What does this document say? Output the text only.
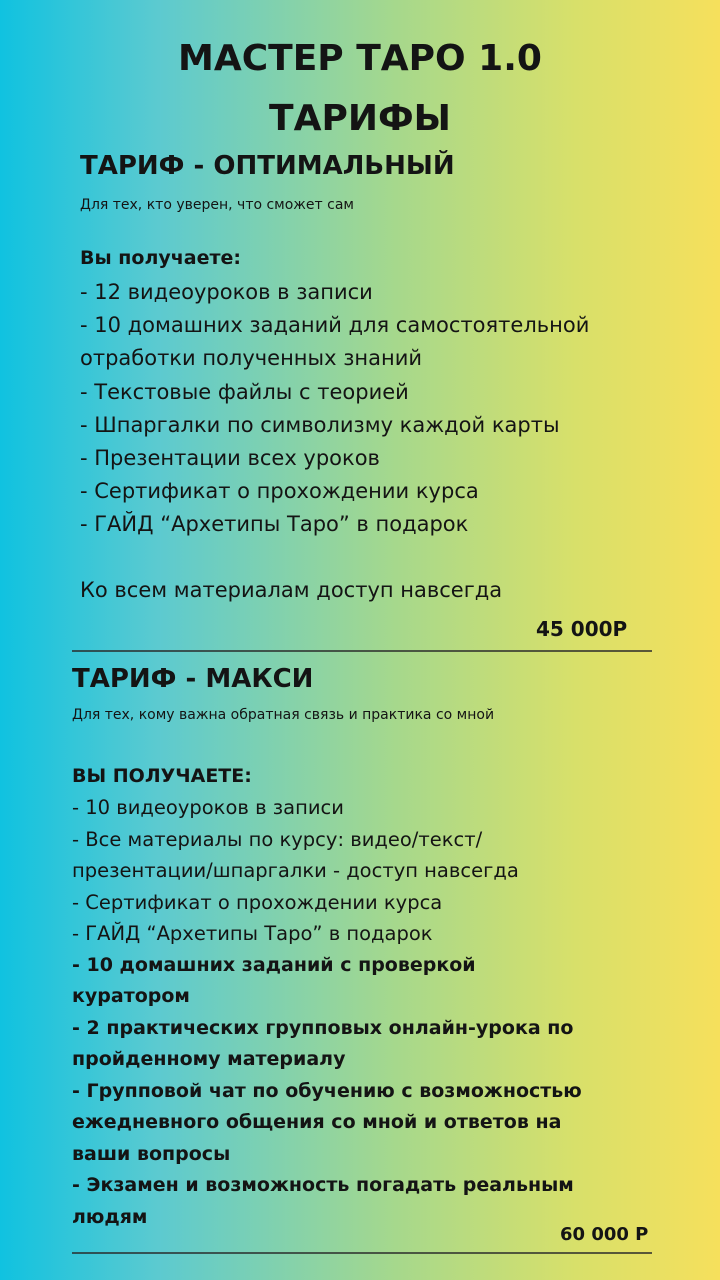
МАСТЕР ТАРО 1.0
ТАРИФЫ
ТАРИФ - ОПТИМАЛЬНЫЙ

Для тех, кто уверен, что сможет сам

Вы получаете:

- 12 видеоуроков в записи
- 10 домашних заданий для самостоятельной
отработки полученных знаний
- Текстовые файлы с теорией
- Шпаргалки по символизму каждой карты
- Презентации всех уроков
- Сертификат о прохождении курса
- ГАЙД “Архетипы Таро” в подарок

Ко всем материалам доступ навсегда

45 000Р

ТАРИФ - МАКСИ

Для тех, кому важна обратная связь и практика со мной

ВЫ ПОЛУЧАЕТЕ:

- 10 видеоуроков в записи
- Все материалы по курсу: видео/текст/
презентации/шпаргалки - доступ навсегда
- Сертификат о прохождении курса
- ГАЙД “Архетипы Таро” в подарок
- 10 домашних заданий с проверкой
куратором
- 2 практических групповых онлайн-урока по
пройденному материалу
- Групповой чат по обучению с возможностью
ежедневного общения со мной и ответов на
ваши вопросы
- Экзамен и возможность погадать реальным
людям

60 000 Р
